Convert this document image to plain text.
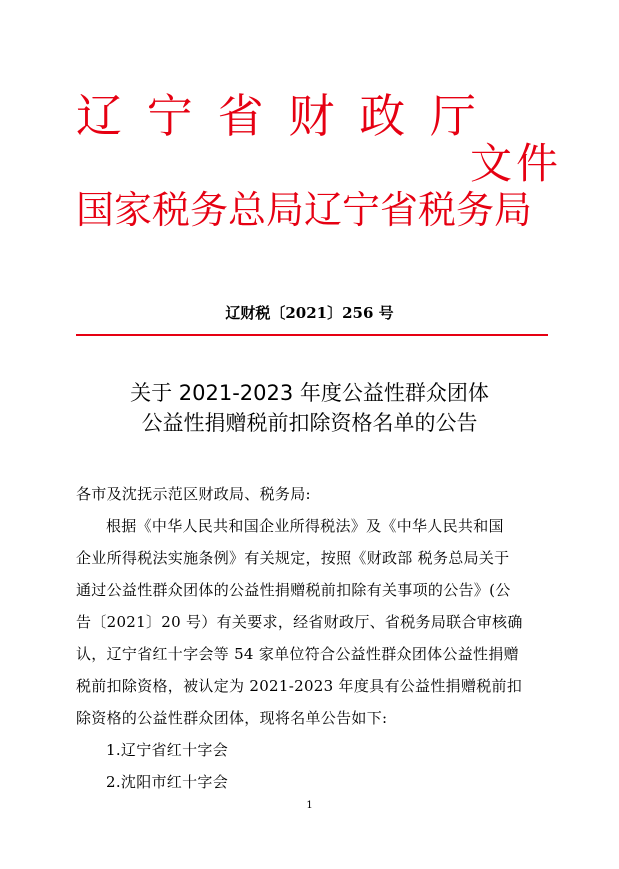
辽 宁 省 财 政 厅
文件
国家税务总局辽宁省税务局
辽财税〔2021〕256 号
关于 2021-2023 年度公益性群众团体
公益性捐赠税前扣除资格名单的公告
各市及沈抚示范区财政局、税务局:
根据《中华人民共和国企业所得税法》及《中华人民共和国
企业所得税法实施条例》有关规定，按照《财政部 税务总局关于
通过公益性群众团体的公益性捐赠税前扣除有关事项的公告》(公
告〔2021〕20 号）有关要求，经省财政厅、省税务局联合审核确
认，辽宁省红十字会等 54 家单位符合公益性群众团体公益性捐赠
税前扣除资格，被认定为 2021-2023 年度具有公益性捐赠税前扣
除资格的公益性群众团体，现将名单公告如下:
1.辽宁省红十字会
2.沈阳市红十字会
1
